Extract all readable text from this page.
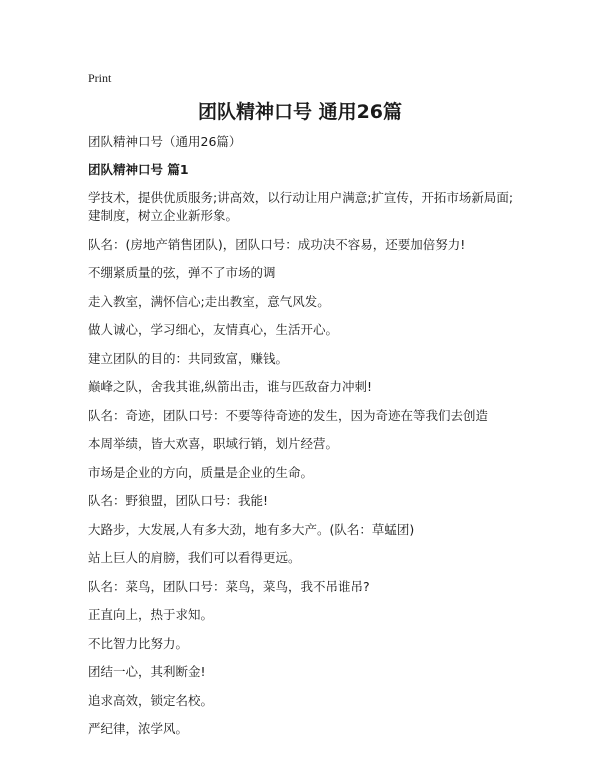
Print
团队精神口号 通用26篇

团队精神口号（通用26篇）

团队精神口号 篇1

学技术，提供优质服务;讲高效，以行动让用户满意;扩宣传，开拓市场新局面;建制度，树立企业新形象。

队名：(房地产销售团队)，团队口号：成功决不容易，还要加倍努力!

不绷紧质量的弦，弹不了市场的调

走入教室，满怀信心;走出教室，意气风发。

做人诚心，学习细心，友情真心，生活开心。

建立团队的目的：共同致富，赚钱。

巅峰之队，舍我其谁,纵箭出击，谁与匹敌奋力冲刺!

队名：奇迹，团队口号：不要等待奇迹的发生，因为奇迹在等我们去创造

本周举绩，皆大欢喜，职域行销，划片经营。

市场是企业的方向，质量是企业的生命。

队名：野狼盟，团队口号：我能!

大路步，大发展,人有多大劲，地有多大产。(队名：草蜢团)

站上巨人的肩膀，我们可以看得更远。

队名：菜鸟，团队口号：菜鸟，菜鸟，我不吊谁吊?

正直向上，热于求知。

不比智力比努力。

团结一心，其利断金!

追求高效，锁定名校。

严纪律，浓学风。
